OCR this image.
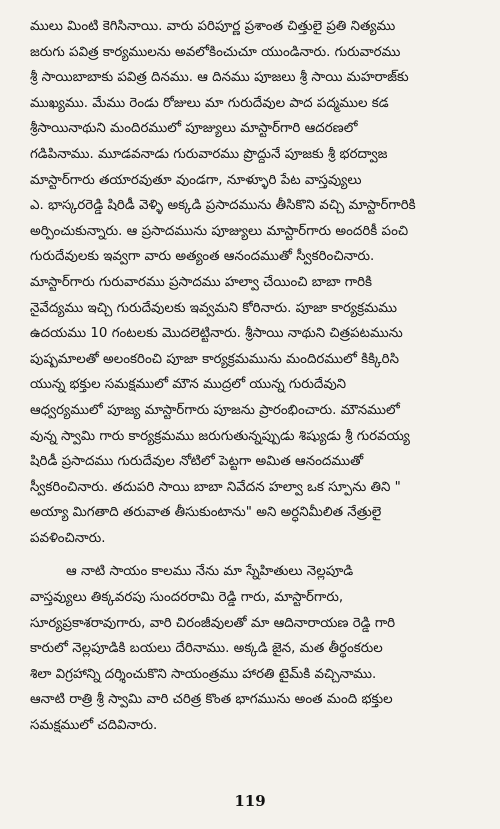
ములు మింటి కెగిసినాయి. వారు పరిపూర్ణ ప్రశాంత చిత్తులై ప్రతి నిత్యము
జరుగు పవిత్ర కార్యములను అవలోకించుచూ యుండినారు. గురువారము
శ్రీ సాయిబాబాకు పవిత్ర దినము. ఆ దినము పూజలు శ్రీ సాయి మహరాజ్‌కు
ముఖ్యము. మేము రెండు రోజులు మా గురుదేవుల పాద పద్మముల కడ
శ్రీసాయినాథుని మందిరములో పూజ్యులు మాస్టార్‌గారి ఆదరణలో
గడిపినాము. మూడవనాడు గురువారము ప్రొద్దునే పూజకు శ్రీ భరద్వాజ
మాస్టార్‌గారు తయారవుతూ వుండగా, నూళ్ళూరి పేట వాస్తవ్యులు
ఎ. భాస్కరరెడ్డి షిరిడీ వెళ్ళి అక్కడి ప్రసాదమును తీసికొని వచ్చి మాస్టార్‌గారికి
అర్పించుకున్నారు. ఆ ప్రసాదమును పూజ్యులు మాస్టార్‌గారు అందరికీ పంచి
గురుదేవులకు ఇవ్వగా వారు అత్యంత ఆనందముతో స్వీకరించినారు.
మాస్టార్‌గారు గురువారము ప్రసాదము హల్వా చేయించి బాబా గారికి
నైవేద్యము ఇచ్చి గురుదేవులకు ఇవ్వమని కోరినారు. పూజా కార్యక్రమము
ఉదయము 10 గంటలకు మొదలెట్టినారు. శ్రీసాయి నాథుని చిత్రపటమును
పుష్పమాలతో అలంకరించి పూజా కార్యక్రమమును మందిరములో కిక్కిరిసి
యున్న భక్తుల సమక్షములో మౌన ముద్రలో యున్న గురుదేవుని
ఆధ్వర్యములో పూజ్య మాస్టార్‌గారు పూజను ప్రారంభించారు. మౌనములో
వున్న స్వామి గారు కార్యక్రమము జరుగుతున్నప్పుడు శిష్యుడు శ్రీ గురవయ్య
షిరిడీ ప్రసాదము గురుదేవుల నోటిలో పెట్టగా అమిత ఆనందముతో
స్వీకరించినారు. తదుపరి సాయి బాబా నివేదన హల్వా ఒక స్పూను తిని "
అయ్యా మిగతాది తరువాత తీసుకుంటాను" అని అర్ధనిమీలిత నేత్రులై
పవళించినారు.
ఆ నాటి సాయం కాలము నేను మా స్నేహితులు నెల్లపూడి
వాస్తవ్యులు తిక్కవరపు సుందరరామి రెడ్డి గారు, మాస్టార్‌గారు,
సూర్యప్రకాశరావుగారు, వారి చిరంజీవులతో మా ఆదినారాయణ రెడ్డి గారి
కారులో నెల్లపూడికి బయలు దేరినాము. అక్కడి జైన, మత తీర్థంకరుల
శిలా విగ్రహాన్ని దర్శించుకొని సాయంత్రము హారతి టైమ్‌కి వచ్చినాము.
ఆనాటి రాత్రి శ్రీ స్వామి వారి చరిత్ర కొంత భాగమును అంత మంది భక్తుల
సమక్షములో చదివినారు.
119
